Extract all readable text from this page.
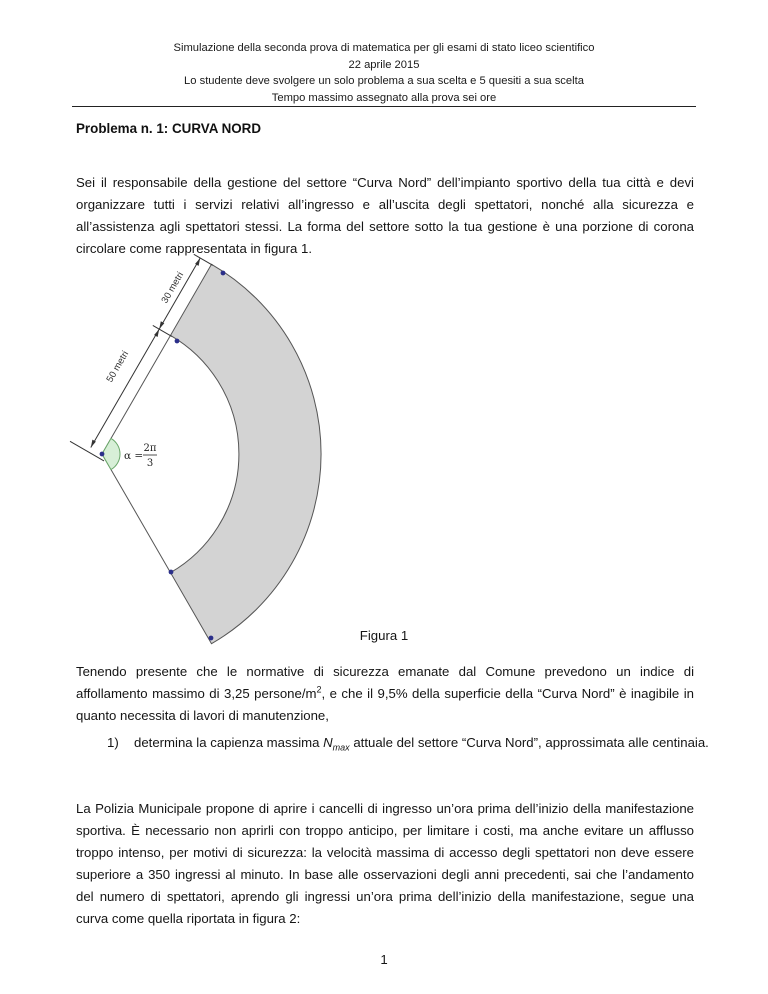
Simulazione della seconda prova di matematica per gli esami di stato liceo scientifico
22 aprile 2015
Lo studente deve svolgere un solo problema a sua scelta e 5 quesiti a sua scelta
Tempo massimo assegnato alla prova sei ore
Problema n. 1: CURVA NORD
Sei il responsabile della gestione del settore “Curva Nord” dell’impianto sportivo della tua città e devi organizzare tutti i servizi relativi all’ingresso e all’uscita degli spettatori, nonché alla sicurezza e all’assistenza agli spettatori stessi. La forma del settore sotto la tua gestione è una porzione di corona circolare come rappresentata in figura 1.
50 metri
30 metri
α =
2π
3
Figura 1
Tenendo presente che le normative di sicurezza emanate dal Comune prevedono un indice di affollamento massimo di 3,25 persone/$m^2$, e che il 9,5% della superficie della “Curva Nord” è inagibile in quanto necessita di lavori di manutenzione,
1) determina la capienza massima $N_{max}$ attuale del settore “Curva Nord”, approssimata alle centinaia.
La Polizia Municipale propone di aprire i cancelli di ingresso un’ora prima dell’inizio della manifestazione sportiva. È necessario non aprirli con troppo anticipo, per limitare i costi, ma anche evitare un afflusso troppo intenso, per motivi di sicurezza: la velocità massima di accesso degli spettatori non deve essere superiore a 350 ingressi al minuto. In base alle osservazioni degli anni precedenti, sai che l’andamento del numero di spettatori, aprendo gli ingressi un’ora prima dell’inizio della manifestazione, segue una curva come quella riportata in figura 2:
1
